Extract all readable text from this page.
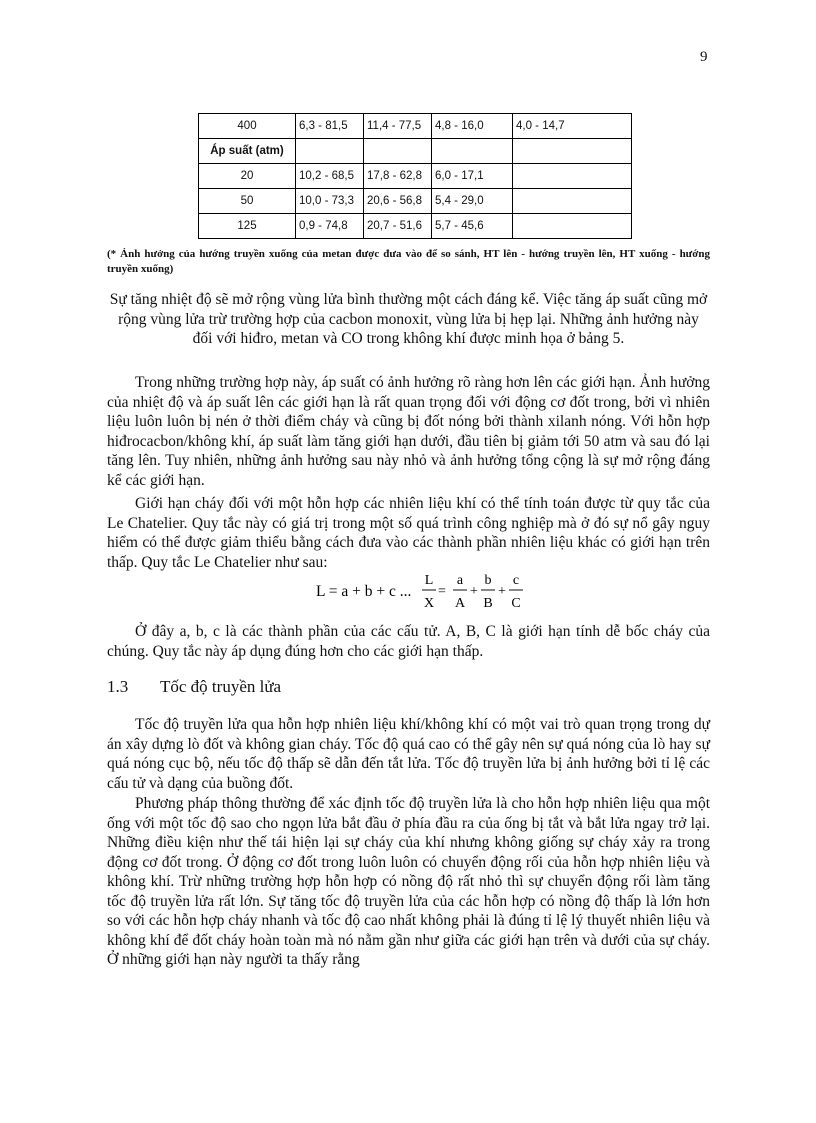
9
400	6,3 - 81,5	11,4 - 77,5	4,8 - 16,0	4,0 - 14,7
Áp suất (atm)				
20	10,2 - 68,5	17,8 - 62,8	6,0 - 17,1	
50	10,0 - 73,3	20,6 - 56,8	5,4 - 29,0	
125	0,9 - 74,8	20,7 - 51,6	5,7 - 45,6	
(* Ảnh hưởng của hướng truyền xuống của metan được đưa vào để so sánh, HT lên - hướng truyền lên, HT xuống - hướng truyền xuống)
Sự tăng nhiệt độ sẽ mở rộng vùng lửa bình thường một cách đáng kể. Việc tăng áp suất cũng mở rộng vùng lửa trừ trường hợp của cacbon monoxit, vùng lửa bị hẹp lại. Những ảnh hưởng này đối với hiđro, metan và CO trong không khí được minh họa ở bảng 5.
Trong những trường hợp này, áp suất có ảnh hưởng rõ ràng hơn lên các giới hạn. Ảnh hưởng của nhiệt độ và áp suất lên các giới hạn là rất quan trọng đối với động cơ đốt trong, bởi vì nhiên liệu luôn luôn bị nén ở thời điểm cháy và cũng bị đốt nóng bởi thành xilanh nóng. Với hỗn hợp hiđrocacbon/không khí, áp suất làm tăng giới hạn dưới, đầu tiên bị giảm tới 50 atm và sau đó lại tăng lên. Tuy nhiên, những ảnh hưởng sau này nhỏ và ảnh hưởng tổng cộng là sự mở rộng đáng kể các giới hạn.
Giới hạn cháy đối với một hỗn hợp các nhiên liệu khí có thể tính toán được từ quy tắc của Le Chatelier. Quy tắc này có giá trị trong một số quá trình công nghiệp mà ở đó sự nổ gây nguy hiểm có thể được giảm thiểu bằng cách đưa vào các thành phần nhiên liệu khác có giới hạn trên thấp. Quy tắc Le Chatelier như sau:
L = a + b + c ...
L
X
=
a
A
+
b
B
+
c
C
Ở đây a, b, c là các thành phần của các cấu tử. A, B, C là giới hạn tính dễ bốc cháy của chúng. Quy tắc này áp dụng đúng hơn cho các giới hạn thấp.
1.3 Tốc độ truyền lửa
Tốc độ truyền lửa qua hỗn hợp nhiên liệu khí/không khí có một vai trò quan trọng trong dự án xây dựng lò đốt và không gian cháy. Tốc độ quá cao có thể gây nên sự quá nóng của lò hay sự quá nóng cục bộ, nếu tốc độ thấp sẽ dẫn đến tắt lửa. Tốc độ truyền lửa bị ảnh hưởng bởi tỉ lệ các cấu tử và dạng của buồng đốt.
Phương pháp thông thường để xác định tốc độ truyền lửa là cho hỗn hợp nhiên liệu qua một ống với một tốc độ sao cho ngọn lửa bắt đầu ở phía đầu ra của ống bị tắt và bắt lửa ngay trở lại. Những điều kiện như thế tái hiện lại sự cháy của khí nhưng không giống sự cháy xảy ra trong động cơ đốt trong. Ở động cơ đốt trong luôn luôn có chuyển động rối của hỗn hợp nhiên liệu và không khí. Trừ những trường hợp hỗn hợp có nồng độ rất nhỏ thì sự chuyển động rối làm tăng tốc độ truyền lửa rất lớn. Sự tăng tốc độ truyền lửa của các hỗn hợp có nồng độ thấp là lớn hơn so với các hỗn hợp cháy nhanh và tốc độ cao nhất không phải là đúng tỉ lệ lý thuyết nhiên liệu và không khí để đốt cháy hoàn toàn mà nó nằm gần như giữa các giới hạn trên và dưới của sự cháy. Ở những giới hạn này người ta thấy rằng
